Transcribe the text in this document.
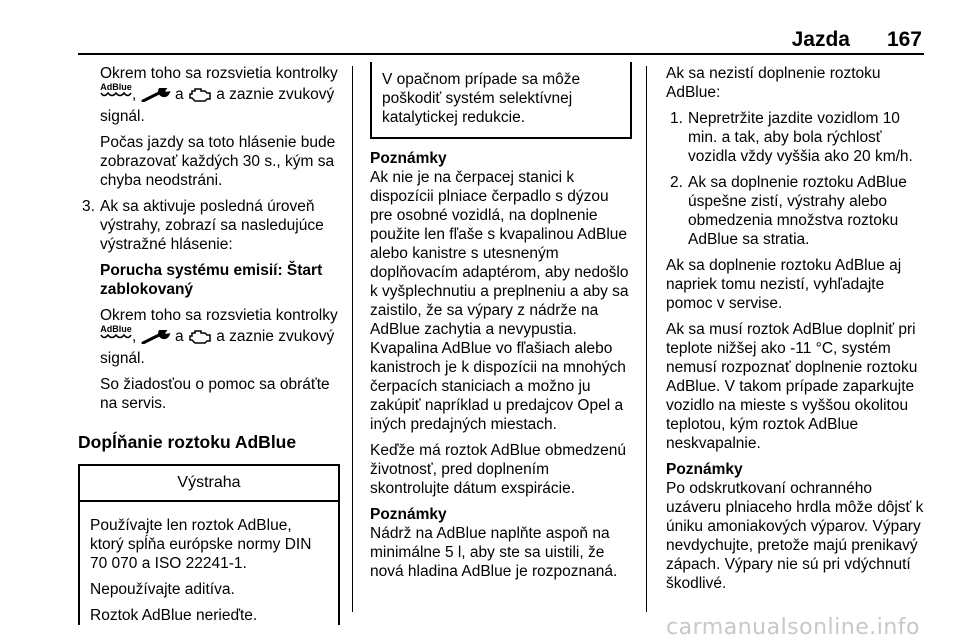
Jazda 167

Okrem toho sa rozsvietia kontrolky AdBlue
,  a a zaznie zvukový signál.

Počas jazdy sa toto hlásenie bude zobrazovať každých 30 s., kým sa chyba neodstráni.

3. Ak sa aktivuje posledná úroveň výstrahy, zobrazí sa nasledujúce výstražné hlásenie:

Porucha systému emisií: Štart zablokovaný

Okrem toho sa rozsvietia kontrolky AdBlue
,  a a zaznie zvukový signál.

So žiadosťou o pomoc sa obráťte na servis.

Dopĺňanie roztoku AdBlue
Výstraha

Používajte len roztok AdBlue, ktorý spĺňa európske normy DIN 70 070 a ISO 22241-1.

Nepoužívajte aditíva.

Roztok AdBlue nerieďte.

V opačnom prípade sa môže poškodiť systém selektívnej katalytickej redukcie.

Poznámky

Ak nie je na čerpacej stanici k dispozícii plniace čerpadlo s dýzou pre osobné vozidlá, na doplnenie použite len fľaše s kvapalinou AdBlue alebo kanistre s utesneným doplňovacím adaptérom, aby nedošlo k vyšplechnutiu a preplneniu a aby sa zaistilo, že sa výpary z nádrže na AdBlue zachytia a nevypustia. Kvapalina AdBlue vo fľašiach alebo kanistroch je k dispozícii na mnohých čerpacích staniciach a možno ju zakúpiť napríklad u predajcov Opel a iných predajných miestach.

Keďže má roztok AdBlue obmedzenú životnosť, pred doplnením skontrolujte dátum exspirácie.

Poznámky

Nádrž na AdBlue naplňte aspoň na minimálne 5 l, aby ste sa uistili, že nová hladina AdBlue je rozpoznaná.

Ak sa nezistí doplnenie roztoku AdBlue:

1. Nepretržite jazdite vozidlom 10 min. a tak, aby bola rýchlosť vozidla vždy vyššia ako 20 km/h.
2. Ak sa doplnenie roztoku AdBlue úspešne zistí, výstrahy alebo obmedzenia množstva roztoku AdBlue sa stratia.

Ak sa doplnenie roztoku AdBlue aj napriek tomu nezistí, vyhľadajte pomoc v servise.

Ak sa musí roztok AdBlue doplniť pri teplote nižšej ako -11 °C, systém nemusí rozpoznať doplnenie roztoku AdBlue. V takom prípade zaparkujte vozidlo na mieste s vyššou okolitou teplotou, kým roztok AdBlue neskvapalnie.

Poznámky

Po odskrutkovaní ochranného uzáveru plniaceho hrdla môže dôjsť k úniku amoniakových výparov. Výpary nevdychujte, pretože majú prenikavý zápach. Výpary nie sú pri vdýchnutí škodlivé.

carmanualsonline.info
